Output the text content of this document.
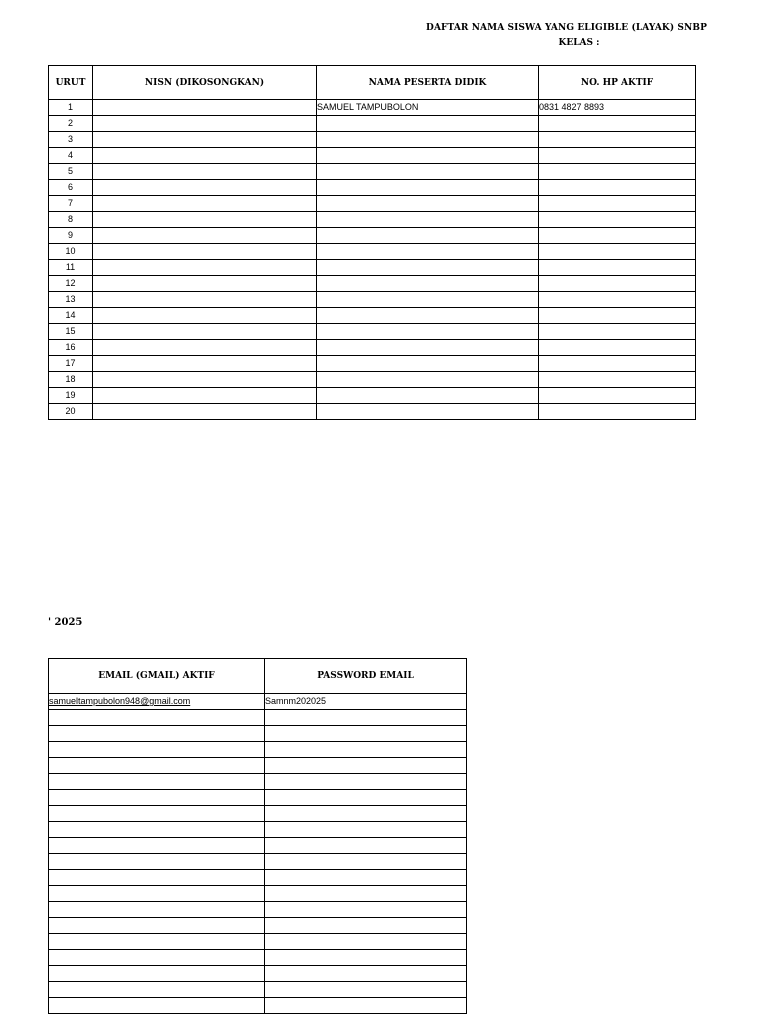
DAFTAR NAMA SISWA YANG ELIGIBLE (LAYAK) SNBP
KELAS :
URUT	NISN (DIKOSONGKAN)	NAMA PESERTA DIDIK	NO. HP AKTIF
1		SAMUEL TAMPUBOLON	0831 4827 8893
2			
3			
4			
5			
6			
7			
8			
9			
10			
11			
12			
13			
14			
15			
16			
17			
18			
19			
20			
' 2025
EMAIL (GMAIL) AKTIF	PASSWORD EMAIL
samueltampubolon948@gmail.com	Samnm202025
